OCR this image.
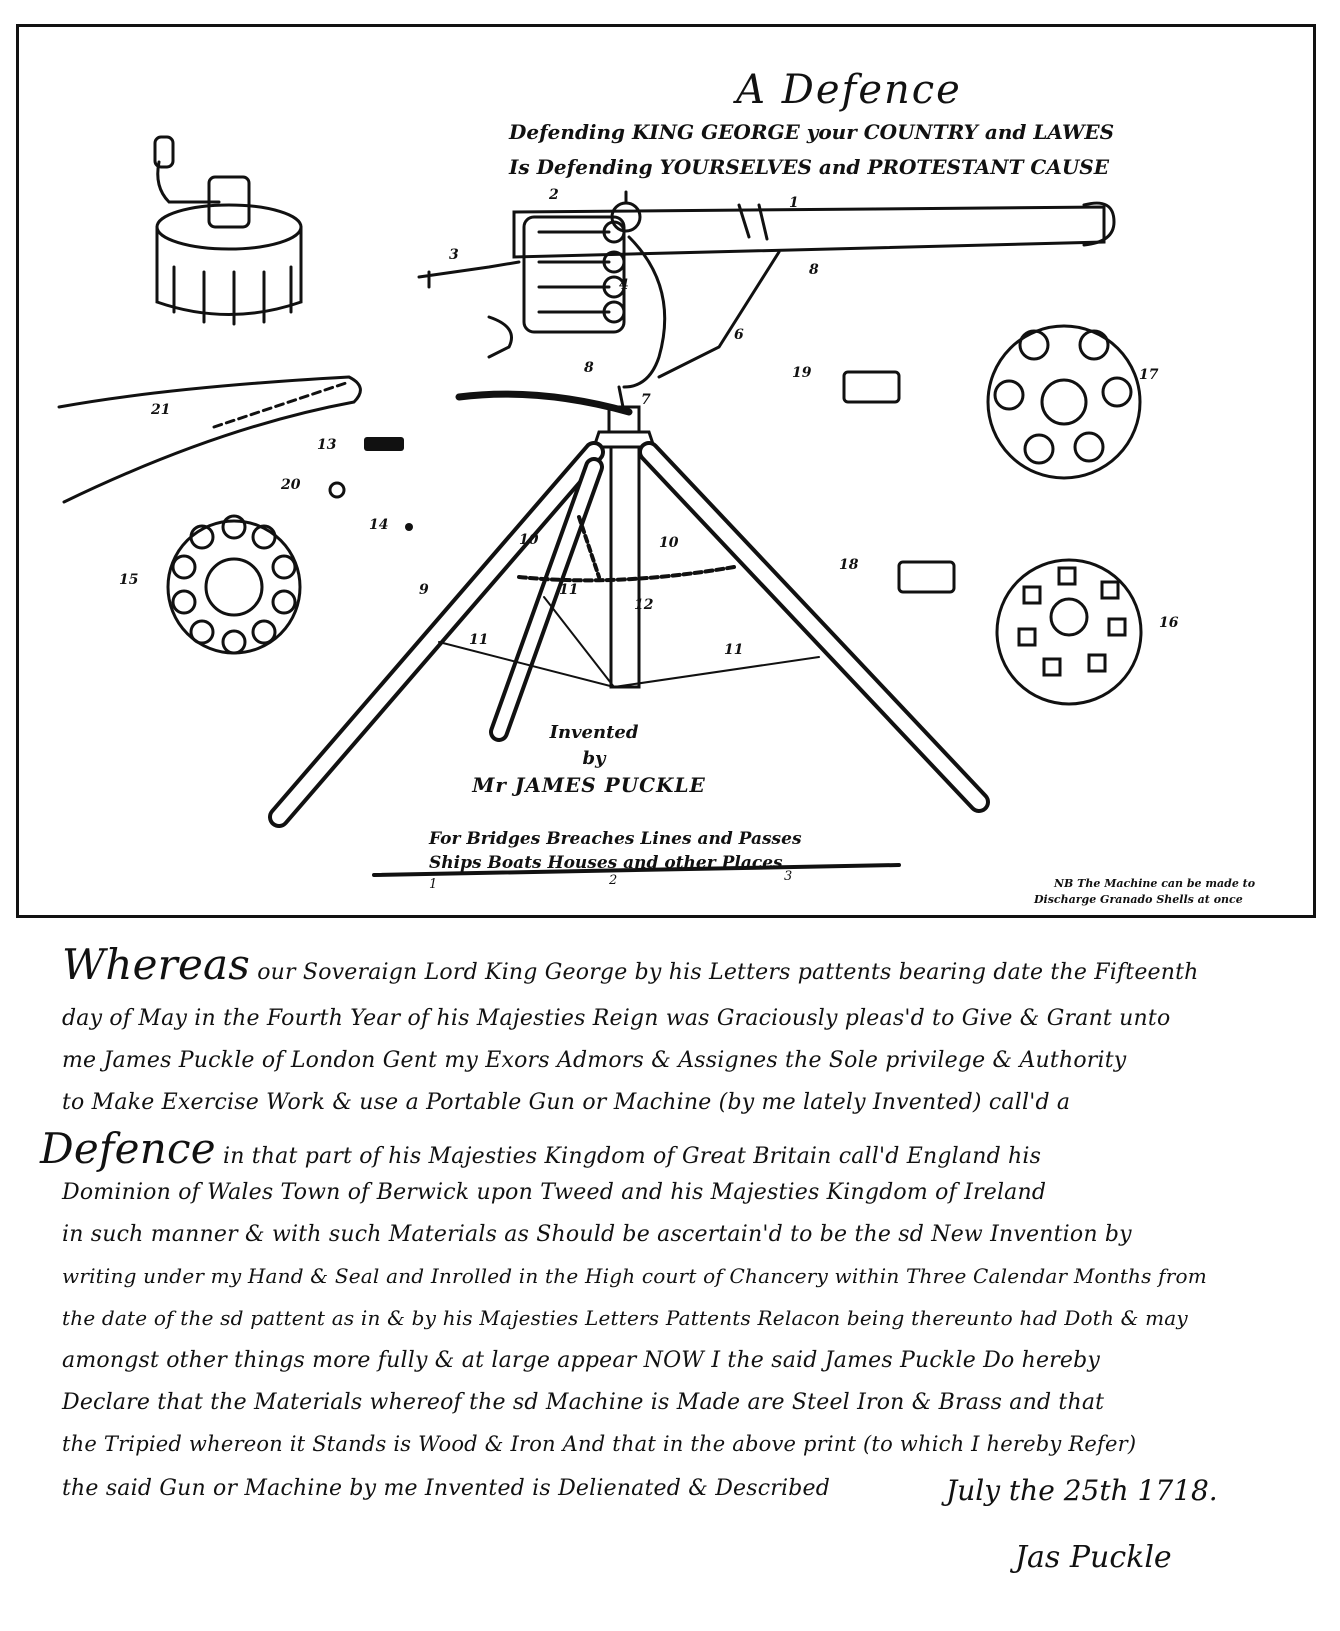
A Defence
Defending KING GEORGE your COUNTRY and LAWES
Is Defending YOURSELVES and PROTESTANT CAUSE
Invented
by
Mr JAMES PUCKLE
For Bridges Breaches Lines and Passes
Ships Boats Houses and other Places
NB The Machine can be made to
Discharge Granado Shells at once
1
2
3
4
6
8
8
7
9
10	10
11
11
11
12
13
14
15
16
17
18
19
20
21
1	2	3
Whereas our Soveraign Lord King George by his Letters pattents bearing date the Fifteenth
day of May in the Fourth Year of his Majesties Reign was Graciously pleas'd to Give & Grant unto
me James Puckle of London Gent my Exors Admors & Assignes the Sole privilege & Authority
to Make Exercise Work & use a Portable Gun or Machine (by me lately Invented) call'd a
Defence in that part of his Majesties Kingdom of Great Britain call'd England his
Dominion of Wales Town of Berwick upon Tweed and his Majesties Kingdom of Ireland
in such manner & with such Materials as Should be ascertain'd to be the sd New Invention by
writing under my Hand & Seal and Inrolled in the High court of Chancery within Three Calendar Months from
the date of the sd pattent as in & by his Majesties Letters Pattents Relacon being thereunto had Doth & may
amongst other things more fully & at large appear NOW I the said James Puckle Do hereby
Declare that the Materials whereof the sd Machine is Made are Steel Iron & Brass and that
the Tripied whereon it Stands is Wood & Iron And that in the above print (to which I hereby Refer)
the said Gun or Machine by me Invented is Delienated & Described	July the 25th 1718.
Jas Puckle
